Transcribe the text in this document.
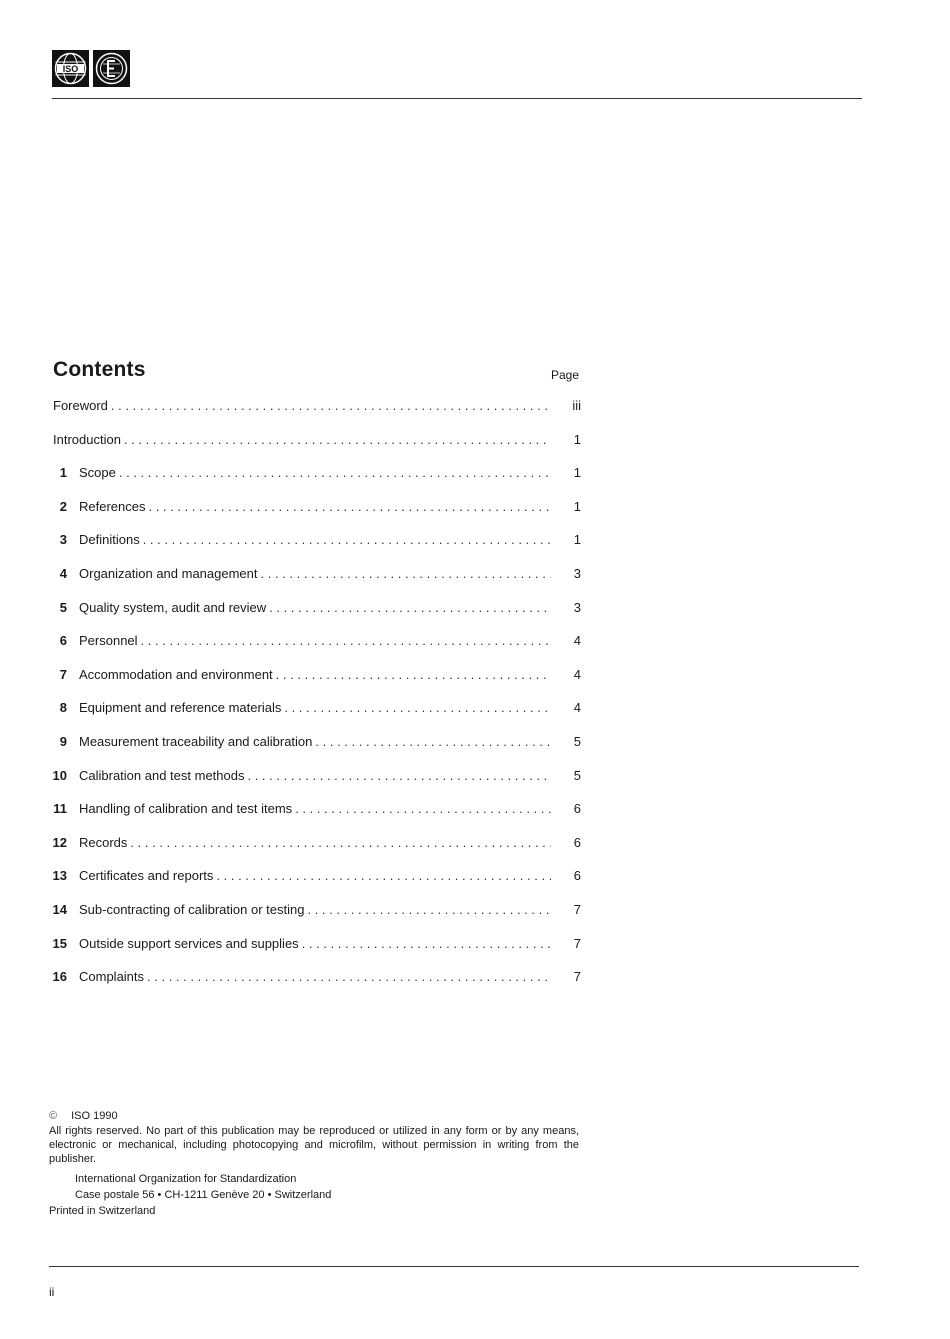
ISO
Contents	Page
Foreword . . .	iii
Introduction . . .	1
1 Scope . . .	1
2 References . . .	1
3 Definitions . . .	1
4 Organization and management . . .	3
5 Quality system, audit and review . . .	3
6 Personnel . . .	4
7 Accommodation and environment . . .	4
8 Equipment and reference materials . . .	4
9 Measurement traceability and calibration . . .	5
10 Calibration and test methods . . .	5
11 Handling of calibration and test items . . .	6
12 Records . . .	6
13 Certificates and reports . . .	6
14 Sub-contracting of calibration or testing . . .	7
15 Outside support services and supplies . . .	7
16 Complaints . . .	7
© ISO 1990
All rights reserved. No part of this publication may be reproduced or utilized in any form or by any means, electronic or mechanical, including photocopying and microfilm, without permission in writing from the publisher.
International Organization for Standardization
Case postale 56 • CH-1211 Genève 20 • Switzerland
Printed in Switzerland
ii
